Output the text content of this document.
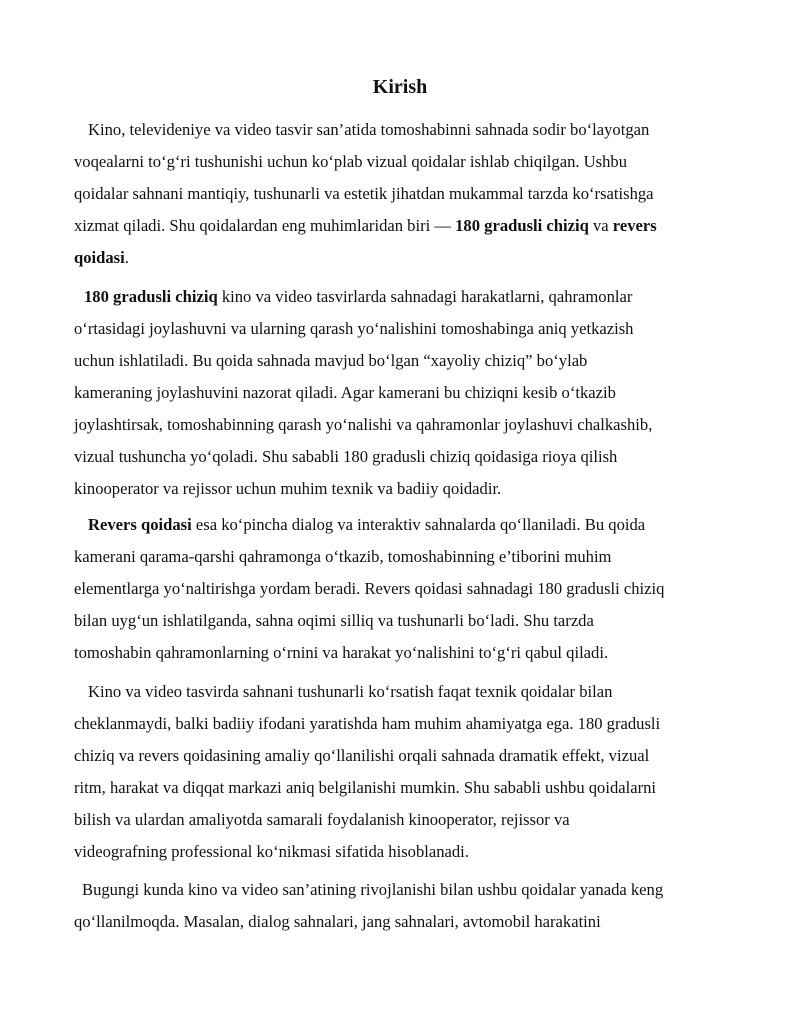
Kirish
Kino, televideniye va video tasvir san’atida tomoshabinni sahnada sodir bo‘layotgan
voqealarni to‘g‘ri tushunishi uchun ko‘plab vizual qoidalar ishlab chiqilgan. Ushbu
qoidalar sahnani mantiqiy, tushunarli va estetik jihatdan mukammal tarzda ko‘rsatishga
xizmat qiladi. Shu qoidalardan eng muhimlaridan biri — 180 gradusli chiziq va revers
qoidasi.
180 gradusli chiziq kino va video tasvirlarda sahnadagi harakatlarni, qahramonlar
o‘rtasidagi joylashuvni va ularning qarash yo‘nalishini tomoshabinga aniq yetkazish
uchun ishlatiladi. Bu qoida sahnada mavjud bo‘lgan “xayoliy chiziq” bo‘ylab
kameraning joylashuvini nazorat qiladi. Agar kamerani bu chiziqni kesib o‘tkazib
joylashtirsak, tomoshabinning qarash yo‘nalishi va qahramonlar joylashuvi chalkashib,
vizual tushuncha yo‘qoladi. Shu sababli 180 gradusli chiziq qoidasiga rioya qilish
kinooperator va rejissor uchun muhim texnik va badiiy qoidadir.
Revers qoidasi esa ko‘pincha dialog va interaktiv sahnalarda qo‘llaniladi. Bu qoida
kamerani qarama-qarshi qahramonga o‘tkazib, tomoshabinning e’tiborini muhim
elementlarga yo‘naltirishga yordam beradi. Revers qoidasi sahnadagi 180 gradusli chiziq
bilan uyg‘un ishlatilganda, sahna oqimi silliq va tushunarli bo‘ladi. Shu tarzda
tomoshabin qahramonlarning o‘rnini va harakat yo‘nalishini to‘g‘ri qabul qiladi.
Kino va video tasvirda sahnani tushunarli ko‘rsatish faqat texnik qoidalar bilan
cheklanmaydi, balki badiiy ifodani yaratishda ham muhim ahamiyatga ega. 180 gradusli
chiziq va revers qoidasining amaliy qo‘llanilishi orqali sahnada dramatik effekt, vizual
ritm, harakat va diqqat markazi aniq belgilanishi mumkin. Shu sababli ushbu qoidalarni
bilish va ulardan amaliyotda samarali foydalanish kinooperator, rejissor va
videografning professional ko‘nikmasi sifatida hisoblanadi.
Bugungi kunda kino va video san’atining rivojlanishi bilan ushbu qoidalar yanada keng
qo‘llanilmoqda. Masalan, dialog sahnalari, jang sahnalari, avtomobil harakatini
